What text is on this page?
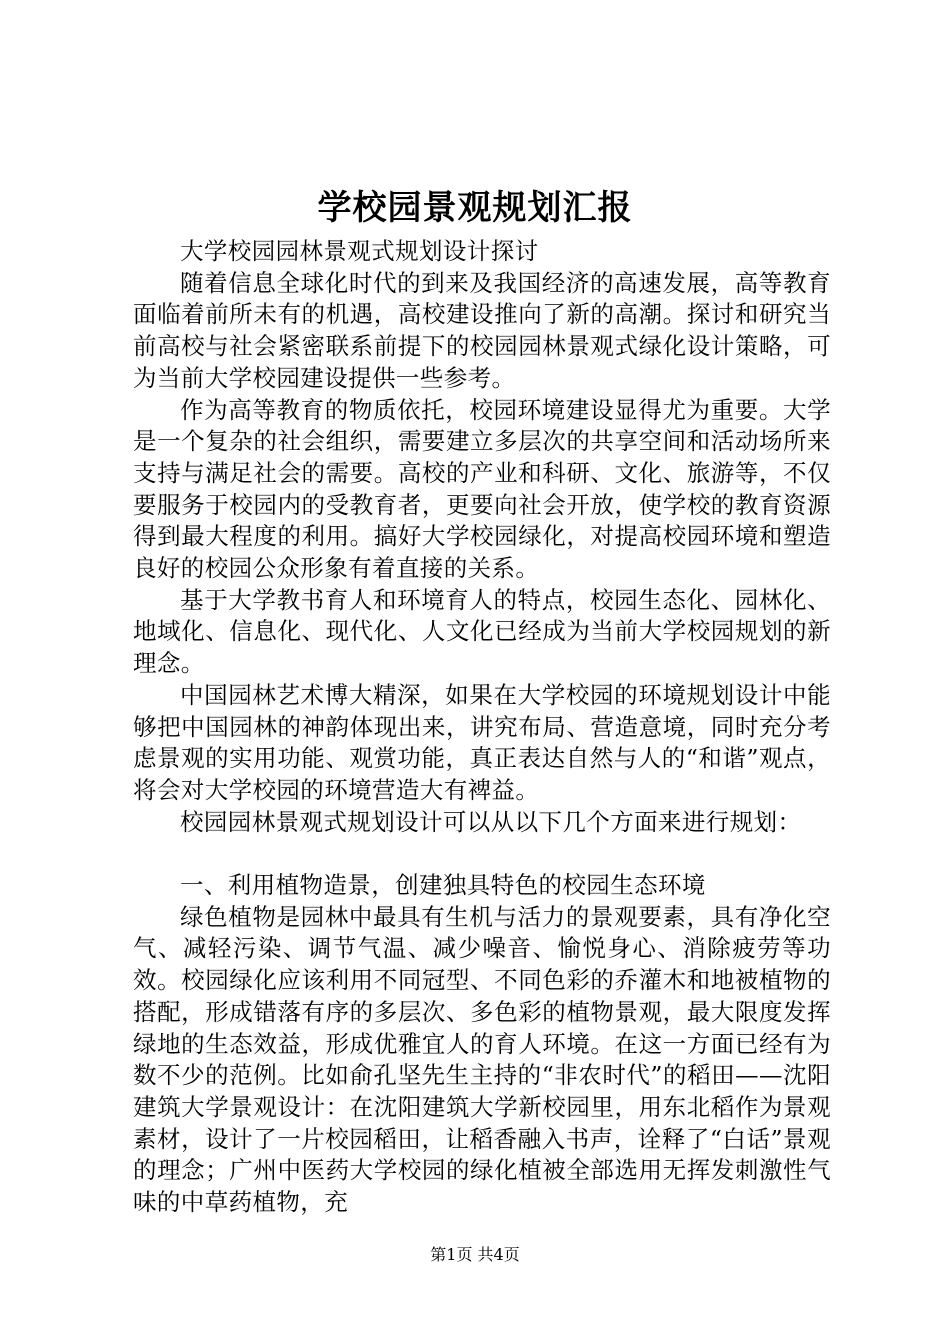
学校园景观规划汇报

大学校园园林景观式规划设计探讨

随着信息全球化时代的到来及我国经济的高速发展，高等教育面临着前所未有的机遇，高校建设推向了新的高潮。探讨和研究当前高校与社会紧密联系前提下的校园园林景观式绿化设计策略，可为当前大学校园建设提供一些参考。

作为高等教育的物质依托，校园环境建设显得尤为重要。大学是一个复杂的社会组织，需要建立多层次的共享空间和活动场所来支持与满足社会的需要。高校的产业和科研、文化、旅游等，不仅要服务于校园内的受教育者，更要向社会开放，使学校的教育资源得到最大程度的利用。搞好大学校园绿化，对提高校园环境和塑造良好的校园公众形象有着直接的关系。

基于大学教书育人和环境育人的特点，校园生态化、园林化、地域化、信息化、现代化、人文化已经成为当前大学校园规划的新理念。

中国园林艺术博大精深，如果在大学校园的环境规划设计中能够把中国园林的神韵体现出来，讲究布局、营造意境，同时充分考虑景观的实用功能、观赏功能，真正表达自然与人的“和谐”观点，将会对大学校园的环境营造大有裨益。

校园园林景观式规划设计可以从以下几个方面来进行规划：

一、利用植物造景，创建独具特色的校园生态环境

绿色植物是园林中最具有生机与活力的景观要素，具有净化空气、减轻污染、调节气温、减少噪音、愉悦身心、消除疲劳等功效。校园绿化应该利用不同冠型、不同色彩的乔灌木和地被植物的搭配，形成错落有序的多层次、多色彩的植物景观，最大限度发挥绿地的生态效益，形成优雅宜人的育人环境。在这一方面已经有为数不少的范例。比如俞孔坚先生主持的“非农时代”的稻田——沈阳建筑大学景观设计：在沈阳建筑大学新校园里，用东北稻作为景观素材，设计了一片校园稻田，让稻香融入书声，诠释了“白话”景观的理念；广州中医药大学校园的绿化植被全部选用无挥发刺激性气味的中草药植物，充

第1页 共4页
